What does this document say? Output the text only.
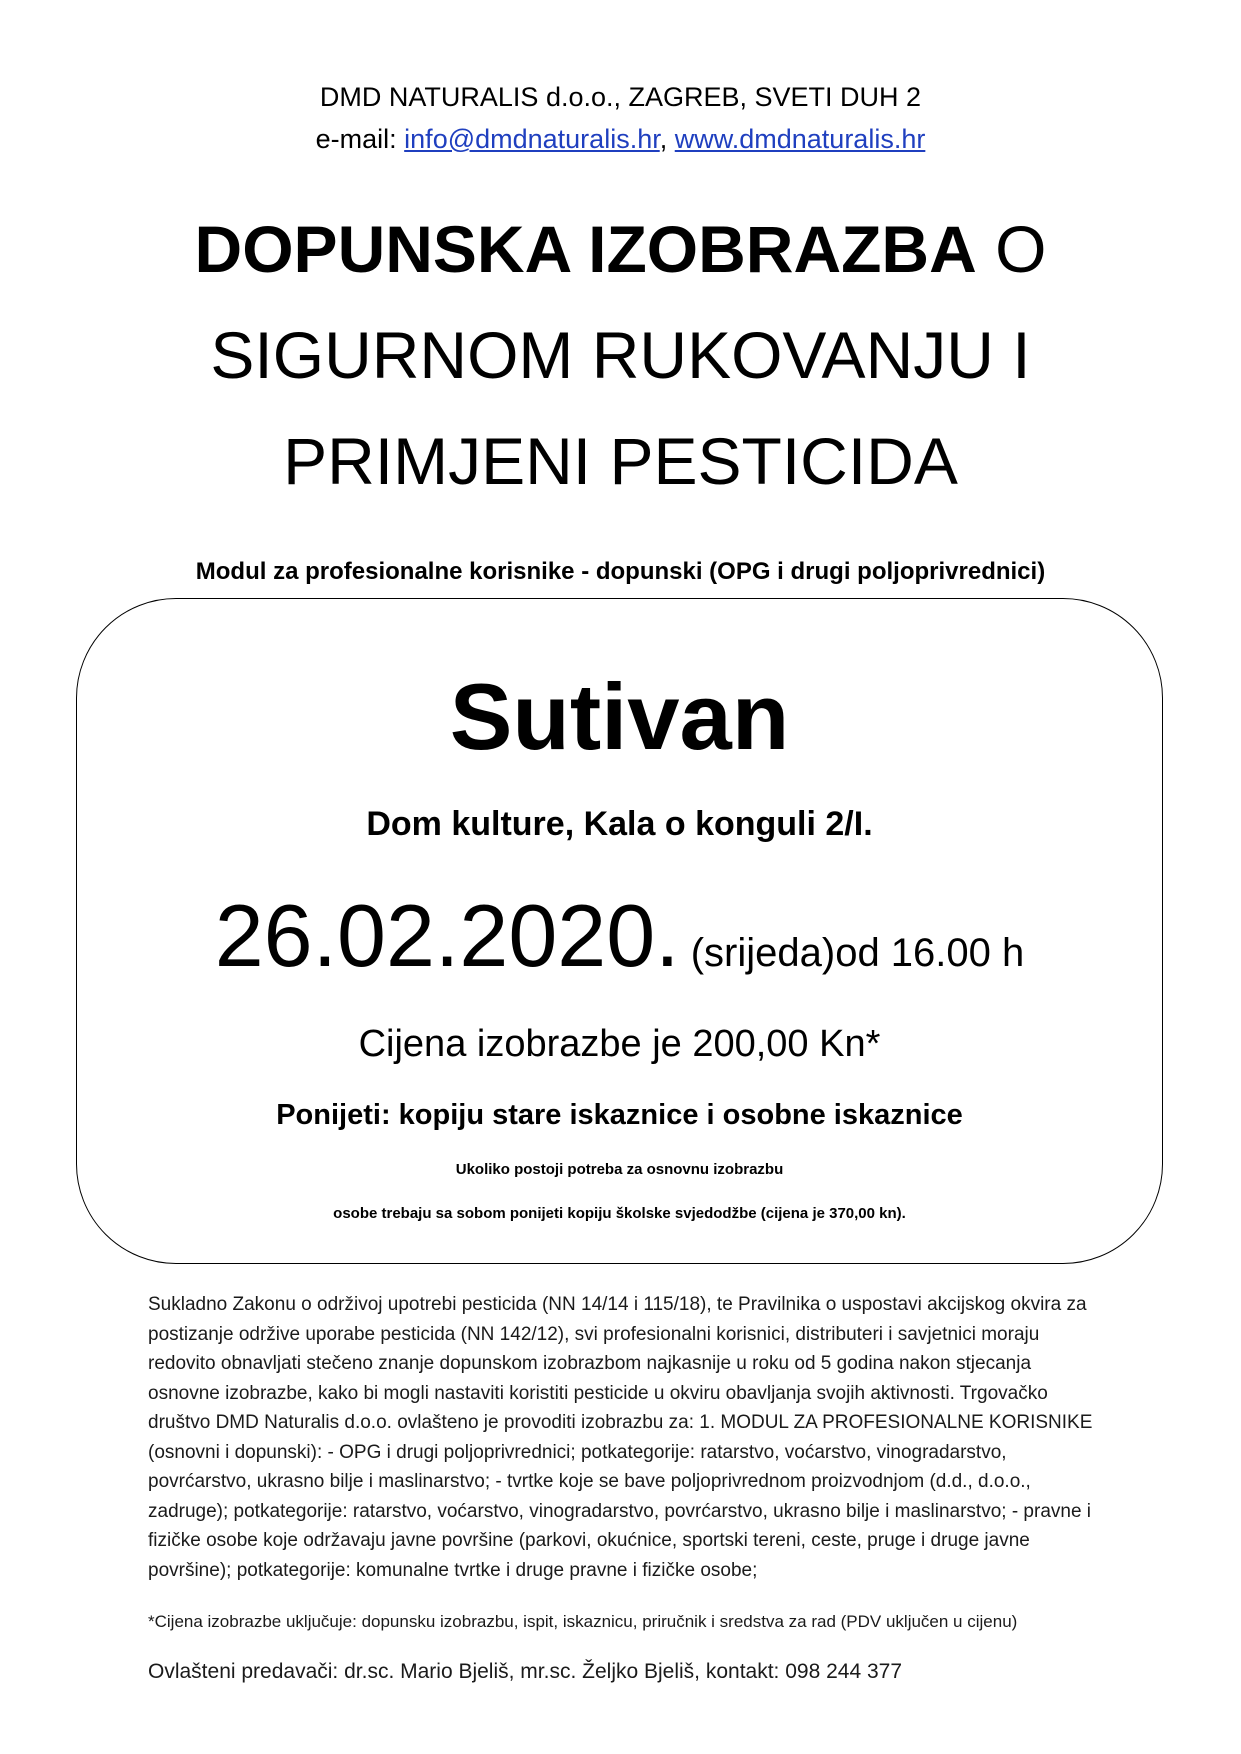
DMD NATURALIS d.o.o., ZAGREB, SVETI DUH 2
e-mail: info@dmdnaturalis.hr, www.dmdnaturalis.hr
DOPUNSKA IZOBRAZBA O
SIGURNOM RUKOVANJU I
PRIMJENI PESTICIDA
Modul za profesionalne korisnike - dopunski (OPG i drugi poljoprivrednici)
Sutivan
Dom kulture, Kala o konguli 2/I.
26.02.2020. (srijeda)od 16.00 h
Cijena izobrazbe je 200,00 Kn*
Ponijeti: kopiju stare iskaznice i osobne iskaznice
Ukoliko postoji potreba za osnovnu izobrazbu
osobe trebaju sa sobom ponijeti kopiju školske svjedodžbe (cijena je 370,00 kn).
Sukladno Zakonu o održivoj upotrebi pesticida (NN 14/14 i 115/18), te Pravilnika o uspostavi akcijskog okvira za postizanje održive uporabe pesticida (NN 142/12), svi profesionalni korisnici, distributeri i savjetnici moraju redovito obnavljati stečeno znanje dopunskom izobrazbom najkasnije u roku od 5 godina nakon stjecanja osnovne izobrazbe, kako bi mogli nastaviti koristiti pesticide u okviru obavljanja svojih aktivnosti. Trgovačko društvo DMD Naturalis d.o.o. ovlašteno je provoditi izobrazbu za: 1. MODUL ZA PROFESIONALNE KORISNIKE (osnovni i dopunski): - OPG i drugi poljoprivrednici; potkategorije: ratarstvo, voćarstvo, vinogradarstvo, povrćarstvo, ukrasno bilje i maslinarstvo; - tvrtke koje se bave poljoprivrednom proizvodnjom (d.d., d.o.o., zadruge); potkategorije: ratarstvo, voćarstvo, vinogradarstvo, povrćarstvo, ukrasno bilje i maslinarstvo; - pravne i fizičke osobe koje održavaju javne površine (parkovi, okućnice, sportski tereni, ceste, pruge i druge javne površine); potkategorije: komunalne tvrtke i druge pravne i fizičke osobe;
*Cijena izobrazbe uključuje: dopunsku izobrazbu, ispit, iskaznicu, priručnik i sredstva za rad (PDV uključen u cijenu)
Ovlašteni predavači: dr.sc. Mario Bjeliš, mr.sc. Željko Bjeliš, kontakt: 098 244 377
